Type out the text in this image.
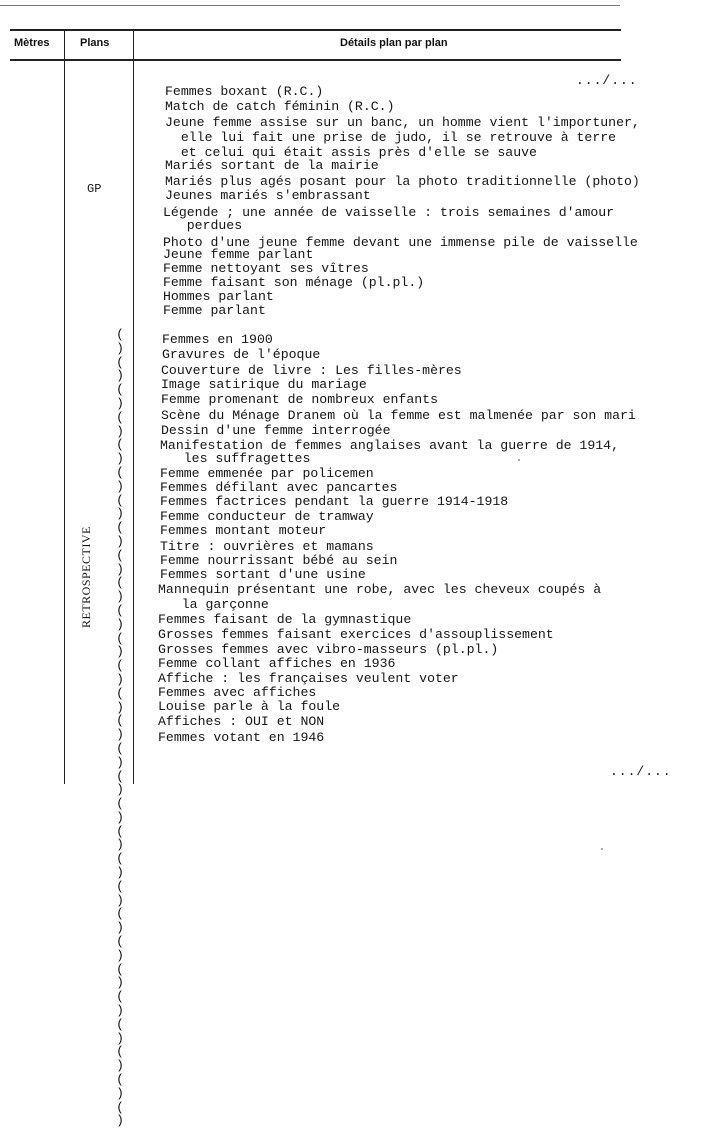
Mètres	Plans	Détails plan par plan
.../...
.../...
GP
RETROSPECTIVE
(
)
(
)
(
)
(
)
(
)
(
)
(
)
(
)
(
)
(
)
(
)
(
)
(
)
(
)
(
)
(
)
(
)
(
)
(
)
(
)
(
)
(
)
(
)
(
)
(
)
(
)
(
)
(
)
(
)
Femmes boxant (R.C.)
Match de catch féminin (R.C.)
Jeune femme assise sur un banc, un homme vient l'importuner,
elle lui fait une prise de judo, il se retrouve à terre
et celui qui était assis près d'elle se sauve
Mariés sortant de la mairie
Mariés plus agés posant pour la photo traditionnelle (photo)
Jeunes mariés s'embrassant
Légende ; une année de vaisselle : trois semaines d'amour
perdues
Photo d'une jeune femme devant une immense pile de vaisselle
Jeune femme parlant
Femme nettoyant ses vîtres
Femme faisant son ménage (pl.pl.)
Hommes parlant
Femme parlant
Femmes en 1900
Gravures de l'époque
Couverture de livre : Les filles-mères
Image satirique du mariage
Femme promenant de nombreux enfants
Scène du Ménage Dranem où la femme est malmenée par son mari
Dessin d'une femme interrogée
Manifestation de femmes anglaises avant la guerre de 1914,
les suffragettes
Femme emmenée par policemen
Femmes défilant avec pancartes
Femmes factrices pendant la guerre 1914-1918
Femme conducteur de tramway
Femmes montant moteur
Titre : ouvrières et mamans
Femme nourrissant bébé au sein
Femmes sortant d'une usine
Mannequin présentant une robe, avec les cheveux coupés à
la garçonne
Femmes faisant de la gymnastique
Grosses femmes faisant exercices d'assouplissement
Grosses femmes avec vibro-masseurs (pl.pl.)
Femme collant affiches en 1936
Affiche : les françaises veulent voter
Femmes avec affiches
Louise parle à la foule
Affiches : OUI et NON
Femmes votant en 1946
